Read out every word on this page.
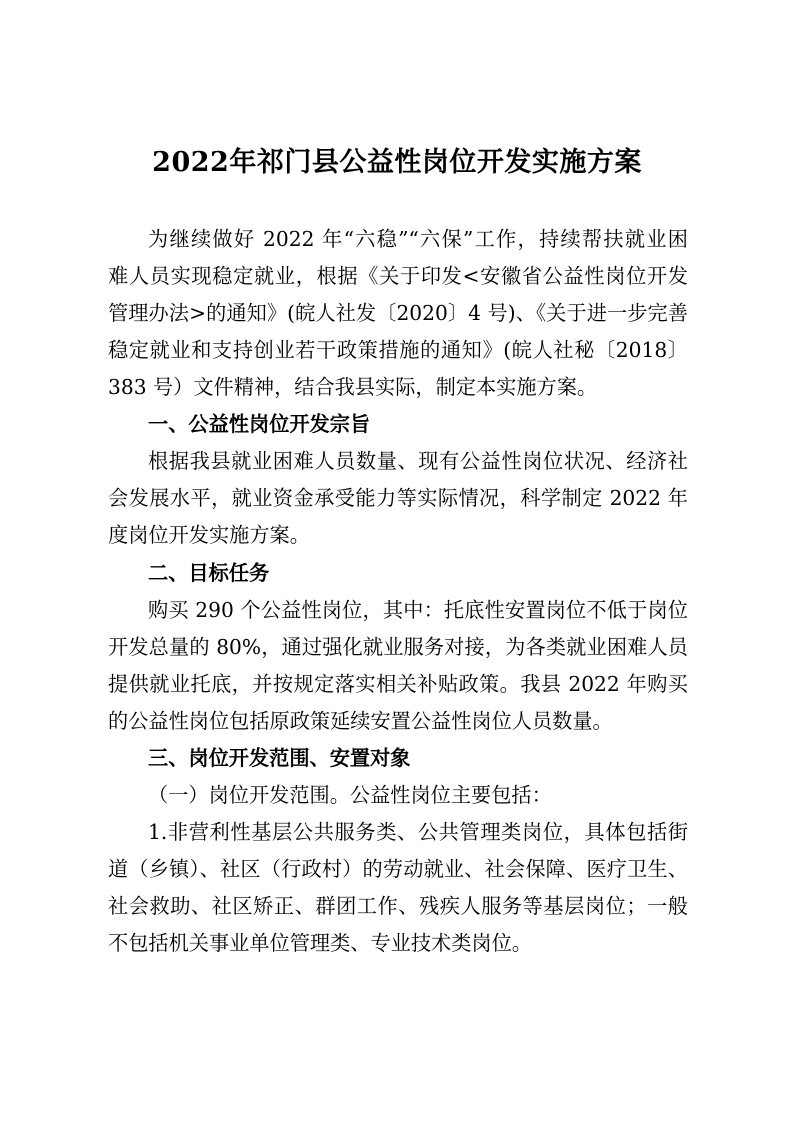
2022年祁门县公益性岗位开发实施方案
为继续做好 2022 年“六稳”“六保”工作，持续帮扶就业困
难人员实现稳定就业，根据《关于印发<安徽省公益性岗位开发
管理办法>的通知》(皖人社发〔2020〕4 号)、《关于进一步完善
稳定就业和支持创业若干政策措施的通知》(皖人社秘〔2018〕
383 号）文件精神，结合我县实际，制定本实施方案。
一、公益性岗位开发宗旨
根据我县就业困难人员数量、现有公益性岗位状况、经济社
会发展水平，就业资金承受能力等实际情况，科学制定 2022 年
度岗位开发实施方案。
二、目标任务
购买 290 个公益性岗位，其中：托底性安置岗位不低于岗位
开发总量的 80%，通过强化就业服务对接，为各类就业困难人员
提供就业托底，并按规定落实相关补贴政策。我县 2022 年购买
的公益性岗位包括原政策延续安置公益性岗位人员数量。
三、岗位开发范围、安置对象
（一）岗位开发范围。公益性岗位主要包括：
1.非营利性基层公共服务类、公共管理类岗位，具体包括街
道（乡镇）、社区（行政村）的劳动就业、社会保障、医疗卫生、
社会救助、社区矫正、群团工作、残疾人服务等基层岗位；一般
不包括机关事业单位管理类、专业技术类岗位。
